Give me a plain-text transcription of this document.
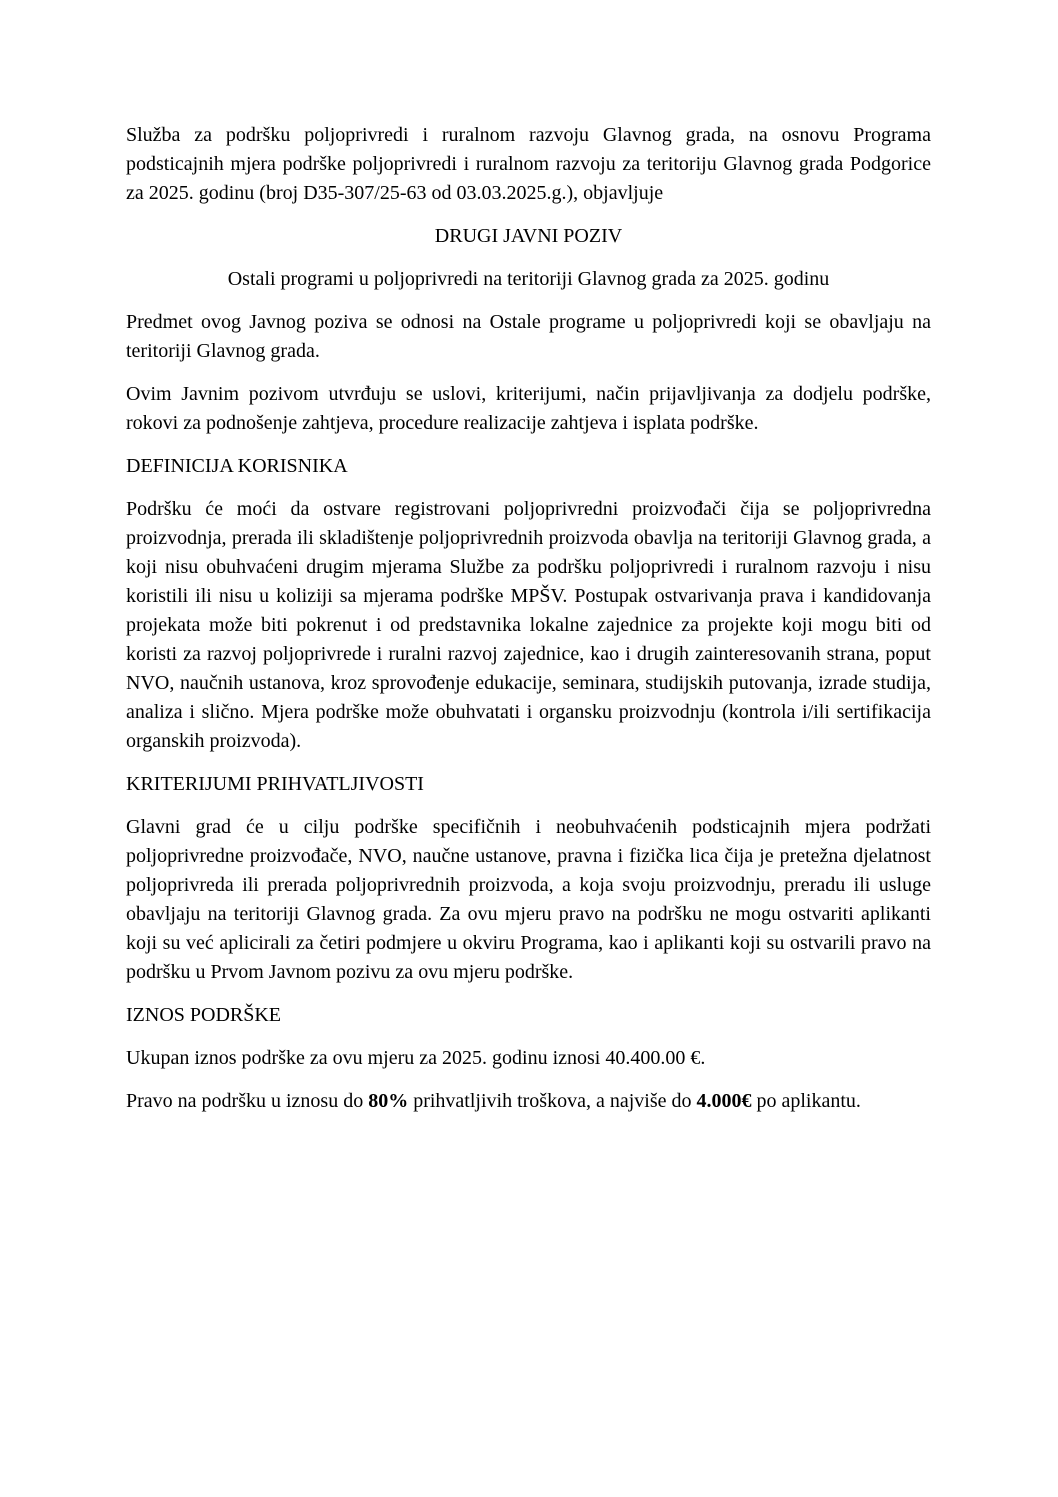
Služba za podršku poljoprivredi i ruralnom razvoju Glavnog grada, na osnovu Programa podsticajnih mjera podrške poljoprivredi i ruralnom razvoju za teritoriju Glavnog grada Podgorice za 2025. godinu (broj D35-307/25-63 od 03.03.2025.g.), objavljuje

DRUGI JAVNI POZIV
Ostali programi u poljoprivredi na teritoriji Glavnog grada za 2025. godinu

Predmet ovog Javnog poziva se odnosi na Ostale programe u poljoprivredi koji se obavljaju na teritoriji Glavnog grada.

Ovim Javnim pozivom utvrđuju se uslovi, kriterijumi, način prijavljivanja za dodjelu podrške, rokovi za podnošenje zahtjeva, procedure realizacije zahtjeva i isplata podrške.

DEFINICIJA KORISNIKA

Podršku će moći da ostvare registrovani poljoprivredni proizvođači čija se poljoprivredna proizvodnja, prerada ili skladištenje poljoprivrednih proizvoda obavlja na teritoriji Glavnog grada, a koji nisu obuhvaćeni drugim mjerama Službe za podršku poljoprivredi i ruralnom razvoju i nisu koristili ili nisu u koliziji sa mjerama podrške MPŠV. Postupak ostvarivanja prava i kandidovanja projekata može biti pokrenut i od predstavnika lokalne zajednice za projekte koji mogu biti od koristi za razvoj poljoprivrede i ruralni razvoj zajednice, kao i drugih zainteresovanih strana, poput NVO, naučnih ustanova, kroz sprovođenje edukacije, seminara, studijskih putovanja, izrade studija, analiza i slično. Mjera podrške može obuhvatati i organsku proizvodnju (kontrola i/ili sertifikacija organskih proizvoda).

KRITERIJUMI PRIHVATLJIVOSTI

Glavni grad će u cilju podrške specifičnih i neobuhvaćenih podsticajnih mjera podržati poljoprivredne proizvođače, NVO, naučne ustanove, pravna i fizička lica čija je pretežna djelatnost poljoprivreda ili prerada poljoprivrednih proizvoda, a koja svoju proizvodnju, preradu ili usluge obavljaju na teritoriji Glavnog grada. Za ovu mjeru pravo na podršku ne mogu ostvariti aplikanti koji su već aplicirali za četiri podmjere u okviru Programa, kao i aplikanti koji su ostvarili pravo na podršku u Prvom Javnom pozivu za ovu mjeru podrške.

IZNOS PODRŠKE

Ukupan iznos podrške za ovu mjeru za 2025. godinu iznosi 40.400.00 €.

Pravo na podršku u iznosu do 80% prihvatljivih troškova, a najviše do 4.000€ po aplikantu.
